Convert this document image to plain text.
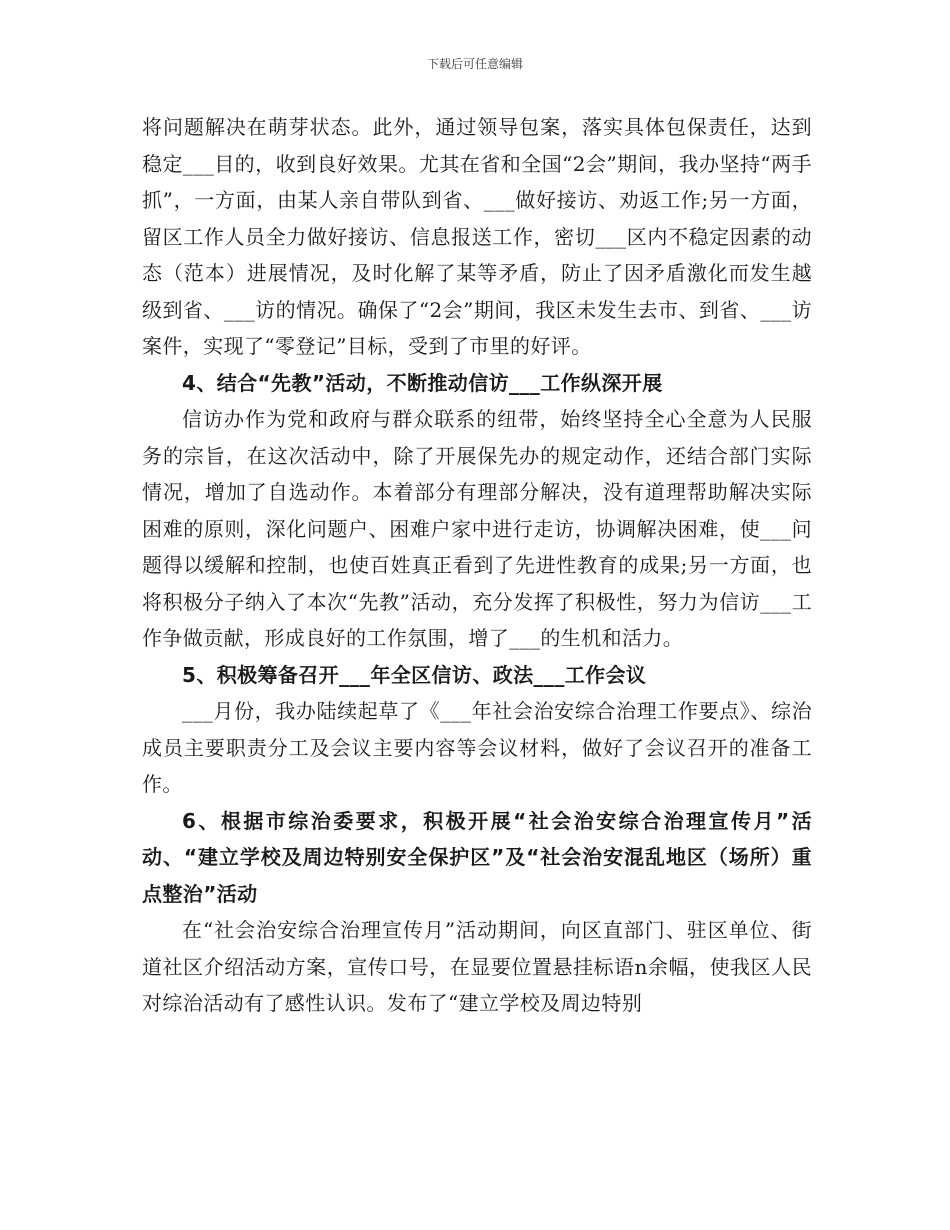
下载后可任意编辑

将问题解决在萌芽状态。此外，通过领导包案，落实具体包保责任，达到稳定___目的，收到良好效果。尤其在省和全国“2会”期间，我办坚持“两手抓”，一方面，由某人亲自带队到省、___做好接访、劝返工作;另一方面，留区工作人员全力做好接访、信息报送工作，密切___区内不稳定因素的动态（范本）进展情况，及时化解了某等矛盾，防止了因矛盾激化而发生越级到省、___访的情况。确保了“2会”期间，我区未发生去市、到省、___访案件，实现了“零登记”目标，受到了市里的好评。

4、结合“先教”活动，不断推动信访___工作纵深开展

信访办作为党和政府与群众联系的纽带，始终坚持全心全意为人民服务的宗旨，在这次活动中，除了开展保先办的规定动作，还结合部门实际情况，增加了自选动作。本着部分有理部分解决，没有道理帮助解决实际困难的原则，深化问题户、困难户家中进行走访，协调解决困难，使___问题得以缓解和控制，也使百姓真正看到了先进性教育的成果;另一方面，也将积极分子纳入了本次“先教”活动，充分发挥了积极性，努力为信访___工作争做贡献，形成良好的工作氛围，增了___的生机和活力。

5、积极筹备召开___年全区信访、政法___工作会议

___月份，我办陆续起草了《___年社会治安综合治理工作要点》、综治成员主要职责分工及会议主要内容等会议材料，做好了会议召开的准备工作。

6、根据市综治委要求，积极开展“社会治安综合治理宣传月”活动、“建立学校及周边特别安全保护区”及“社会治安混乱地区（场所）重点整治”活动

在“社会治安综合治理宣传月”活动期间，向区直部门、驻区单位、街道社区介绍活动方案，宣传口号，在显要位置悬挂标语n余幅，使我区人民对综治活动有了感性认识。发布了“建立学校及周边特别
